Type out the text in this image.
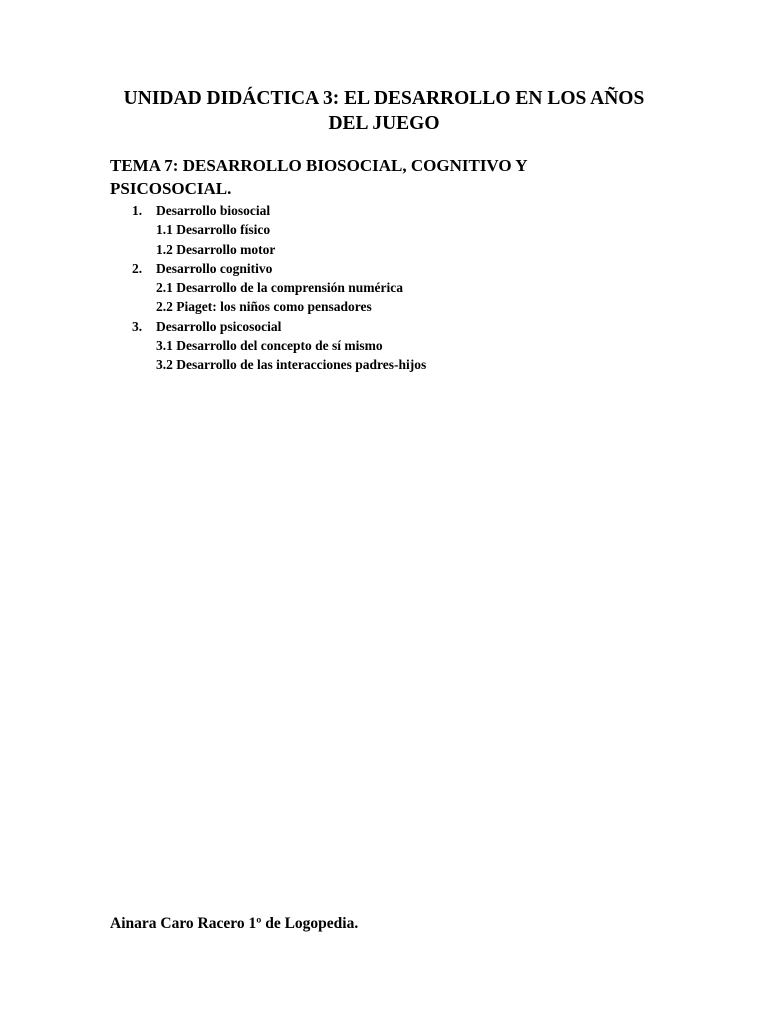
UNIDAD DIDÁCTICA 3: EL DESARROLLO EN LOS AÑOS DEL JUEGO
TEMA 7: DESARROLLO BIOSOCIAL, COGNITIVO Y PSICOSOCIAL.
1. Desarrollo biosocial
1.1 Desarrollo físico
1.2 Desarrollo motor
2. Desarrollo cognitivo
2.1 Desarrollo de la comprensión numérica
2.2 Piaget: los niños como pensadores
3. Desarrollo psicosocial
3.1 Desarrollo del concepto de sí mismo
3.2 Desarrollo de las interacciones padres-hijos
Ainara Caro Racero 1º de Logopedia.
